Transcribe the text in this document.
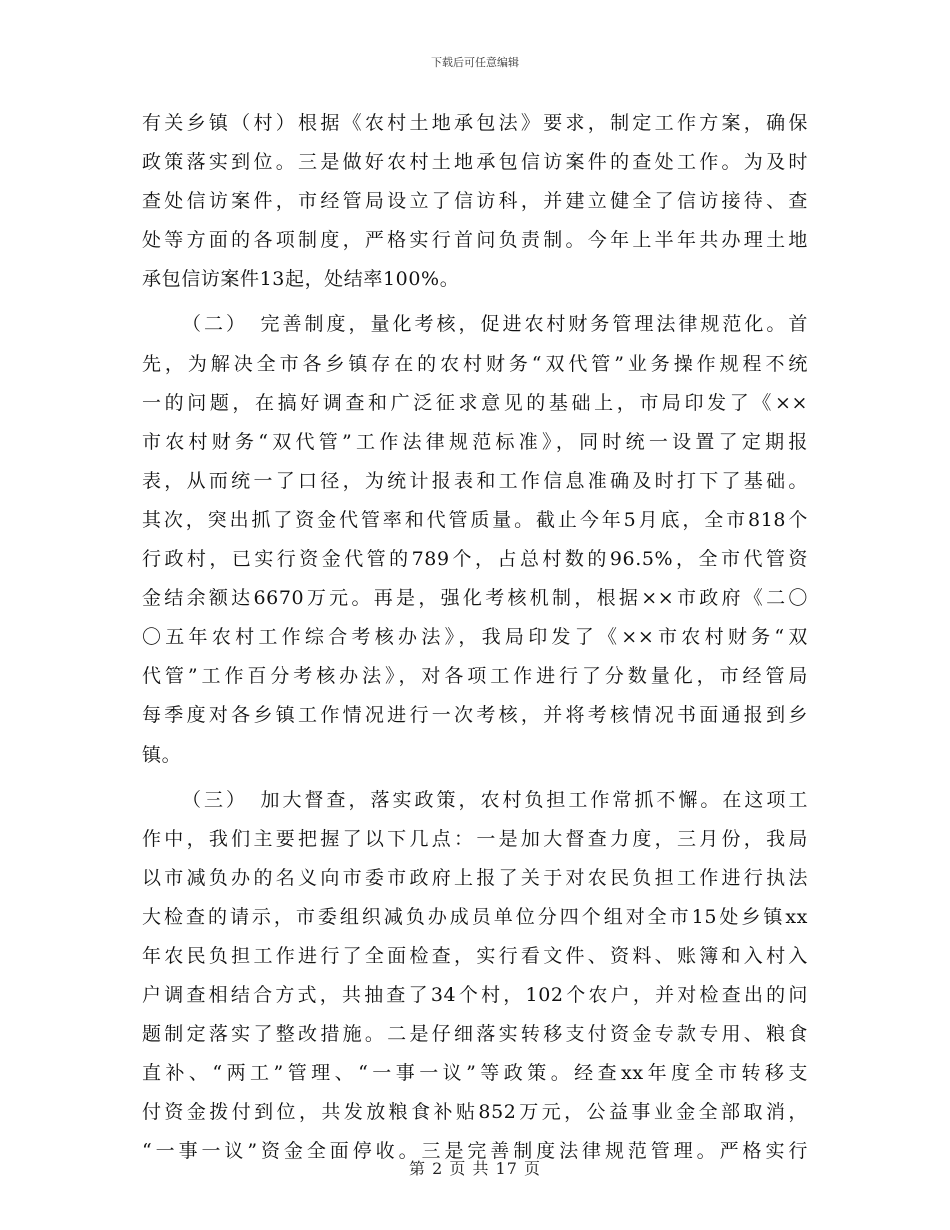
下载后可任意编辑
有关乡镇（村）根据《农村土地承包法》要求，制定工作方案，确保
政策落实到位。三是做好农村土地承包信访案件的查处工作。为及时
查处信访案件，市经管局设立了信访科，并建立健全了信访接待、查
处等方面的各项制度，严格实行首问负责制。今年上半年共办理土地
承包信访案件13起，处结率100%。
（二）　完善制度，量化考核，促进农村财务管理法律规范化。首
先，为解决全市各乡镇存在的农村财务“双代管”业务操作规程不统
一的问题，在搞好调查和广泛征求意见的基础上，市局印发了《××
市农村财务“双代管”工作法律规范标准》，同时统一设置了定期报
表，从而统一了口径，为统计报表和工作信息准确及时打下了基础。
其次，突出抓了资金代管率和代管质量。截止今年5月底，全市818个
行政村，已实行资金代管的789个，占总村数的96.5%，全市代管资
金结余额达6670万元。再是，强化考核机制，根据××市政府《二〇
〇五年农村工作综合考核办法》，我局印发了《××市农村财务“双
代管”工作百分考核办法》，对各项工作进行了分数量化，市经管局
每季度对各乡镇工作情况进行一次考核，并将考核情况书面通报到乡
镇。
（三）　加大督查，落实政策，农村负担工作常抓不懈。在这项工
作中，我们主要把握了以下几点：一是加大督查力度，三月份，我局
以市减负办的名义向市委市政府上报了关于对农民负担工作进行执法
大检查的请示，市委组织减负办成员单位分四个组对全市15处乡镇xx
年农民负担工作进行了全面检查，实行看文件、资料、账簿和入村入
户调查相结合方式，共抽查了34个村，102个农户，并对检查出的问
题制定落实了整改措施。二是仔细落实转移支付资金专款专用、粮食
直补、“两工”管理、“一事一议”等政策。经查xx年度全市转移支
付资金拨付到位，共发放粮食补贴852万元，公益事业金全部取消，
“一事一议”资金全面停收。三是完善制度法律规范管理。严格实行
第 2 页 共 17 页
